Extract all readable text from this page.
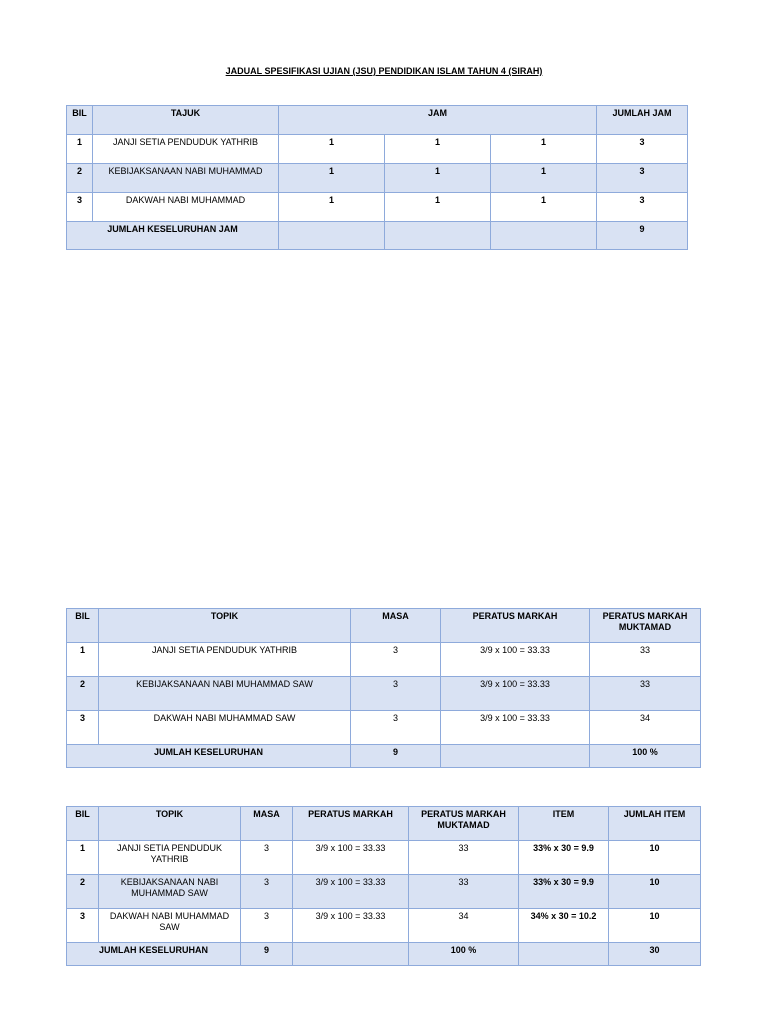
JADUAL SPESIFIKASI UJIAN (JSU) PENDIDIKAN ISLAM TAHUN 4 (SIRAH)
BIL	TAJUK	JAM			JUMLAH JAM
1	JANJI SETIA PENDUDUK YATHRIB	1	1	1	3
2	KEBIJAKSANAAN NABI MUHAMMAD	1	1	1	3
3	DAKWAH NABI MUHAMMAD	1	1	1	3
JUMLAH KESELURUHAN JAM					9
BIL	TOPIK	MASA	PERATUS MARKAH	PERATUS MARKAH MUKTAMAD
1	JANJI SETIA PENDUDUK YATHRIB	3	3/9 x 100 = 33.33	33
2	KEBIJAKSANAAN NABI MUHAMMAD SAW	3	3/9 x 100 = 33.33	33
3	DAKWAH NABI MUHAMMAD SAW	3	3/9 x 100 = 33.33	34
JUMLAH KESELURUHAN		9		100 %
BIL	TOPIK	MASA	PERATUS MARKAH	PERATUS MARKAH MUKTAMAD	ITEM	JUMLAH ITEM
1	JANJI SETIA PENDUDUK YATHRIB	3	3/9 x 100 = 33.33	33	33% x 30 = 9.9	10
2	KEBIJAKSANAAN NABI MUHAMMAD SAW	3	3/9 x 100 = 33.33	33	33% x 30 = 9.9	10
3	DAKWAH NABI MUHAMMAD SAW	3	3/9 x 100 = 33.33	34	34% x 30 = 10.2	10
JUMLAH KESELURUHAN		9		100 %		30
